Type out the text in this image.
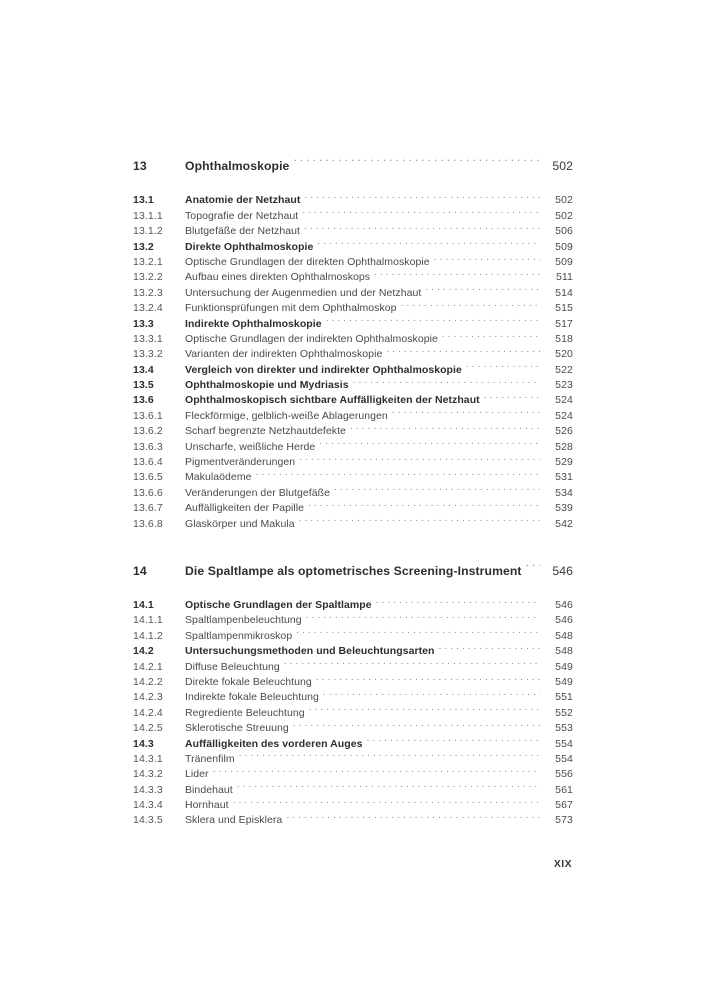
13	Ophthalmoskopie . . .	502
13.1	Anatomie der Netzhaut . . .	502
13.1.1	Topografie der Netzhaut . . .	502
13.1.2	Blutgefäße der Netzhaut . . .	506
13.2	Direkte Ophthalmoskopie . . .	509
13.2.1	Optische Grundlagen der direkten Ophthalmoskopie . . .	509
13.2.2	Aufbau eines direkten Ophthalmoskops . . .	511
13.2.3	Untersuchung der Augenmedien und der Netzhaut . . .	514
13.2.4	Funktionsprüfungen mit dem Ophthalmoskop . . .	515
13.3	Indirekte Ophthalmoskopie . . .	517
13.3.1	Optische Grundlagen der indirekten Ophthalmoskopie . . .	518
13.3.2	Varianten der indirekten Ophthalmoskopie . . .	520
13.4	Vergleich von direkter und indirekter Ophthalmoskopie . . .	522
13.5	Ophthalmoskopie und Mydriasis . . .	523
13.6	Ophthalmoskopisch sichtbare Auffälligkeiten der Netzhaut . . .	524
13.6.1	Fleckförmige, gelblich-weiße Ablagerungen . . .	524
13.6.2	Scharf begrenzte Netzhautdefekte . . .	526
13.6.3	Unscharfe, weißliche Herde . . .	528
13.6.4	Pigmentveränderungen . . .	529
13.6.5	Makulaödeme . . .	531
13.6.6	Veränderungen der Blutgefäße . . .	534
13.6.7	Auffälligkeiten der Papille . . .	539
13.6.8	Glaskörper und Makula . . .	542
14	Die Spaltlampe als optometrisches Screening-Instrument . . .	546
14.1	Optische Grundlagen der Spaltlampe . . .	546
14.1.1	Spaltlampenbeleuchtung . . .	546
14.1.2	Spaltlampenmikroskop . . .	548
14.2	Untersuchungsmethoden und Beleuchtungsarten . . .	548
14.2.1	Diffuse Beleuchtung . . .	549
14.2.2	Direkte fokale Beleuchtung . . .	549
14.2.3	Indirekte fokale Beleuchtung . . .	551
14.2.4	Regrediente Beleuchtung . . .	552
14.2.5	Sklerotische Streuung . . .	553
14.3	Auffälligkeiten des vorderen Auges . . .	554
14.3.1	Tränenfilm . . .	554
14.3.2	Lider . . .	556
14.3.3	Bindehaut . . .	561
14.3.4	Hornhaut . . .	567
14.3.5	Sklera und Episklera . . .	573
XIX
